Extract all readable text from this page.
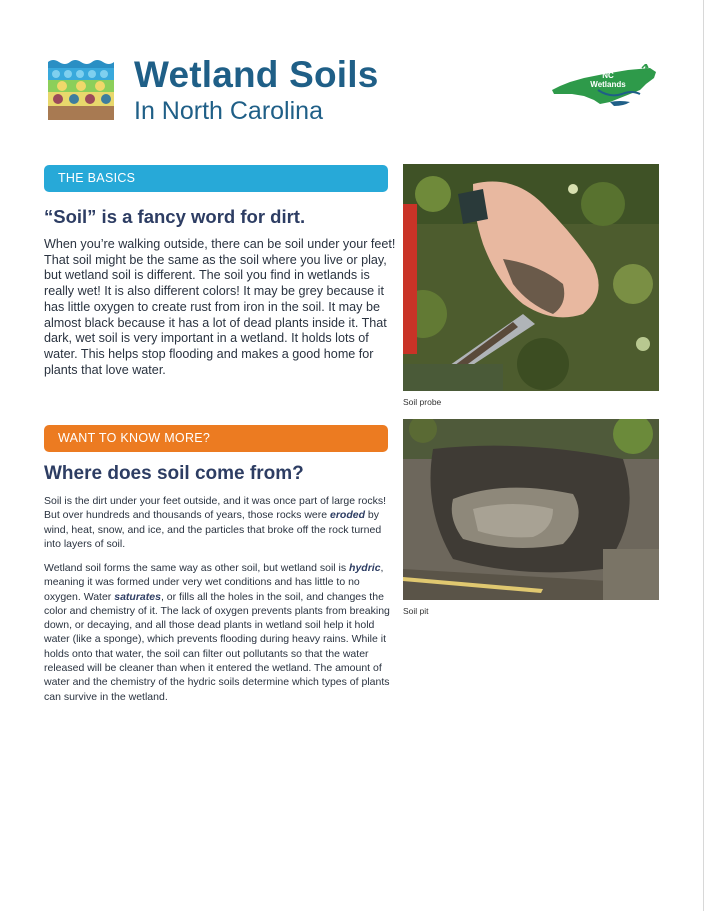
Wetland Soils
In North Carolina
NC
Wetlands
THE BASICS
“Soil” is a fancy word for dirt.

When you’re walking outside, there can be soil under your feet! That soil might be the same as the soil where you live or play, but wetland soil is different. The soil you find in wetlands is really wet! It is also different colors! It may be grey because it has little oxygen to create rust from iron in the soil. It may be almost black because it has a lot of dead plants inside it. That dark, wet soil is very important in a wetland. It holds lots of water. This helps stop flooding and makes a good home for plants that love water.

WANT TO KNOW MORE?
Where does soil come from?

Soil is the dirt under your feet outside, and it was once part of large rocks! But over hundreds and thousands of years, those rocks were eroded by wind, heat, snow, and ice, and the particles that broke off the rock turned into layers of soil.

Wetland soil forms the same way as other soil, but wetland soil is hydric, meaning it was formed under very wet conditions and has little to no oxygen. Water saturates, or fills all the holes in the soil, and changes the color and chemistry of it. The lack of oxygen prevents plants from breaking down, or decaying, and all those dead plants in wetland soil help it hold water (like a sponge), which prevents flooding during heavy rains. While it holds onto that water, the soil can filter out pollutants so that the water released will be cleaner than when it entered the wetland. The amount of water and the chemistry of the hydric soils determine which types of plants can survive in the wetland.

Soil probe
Soil pit
